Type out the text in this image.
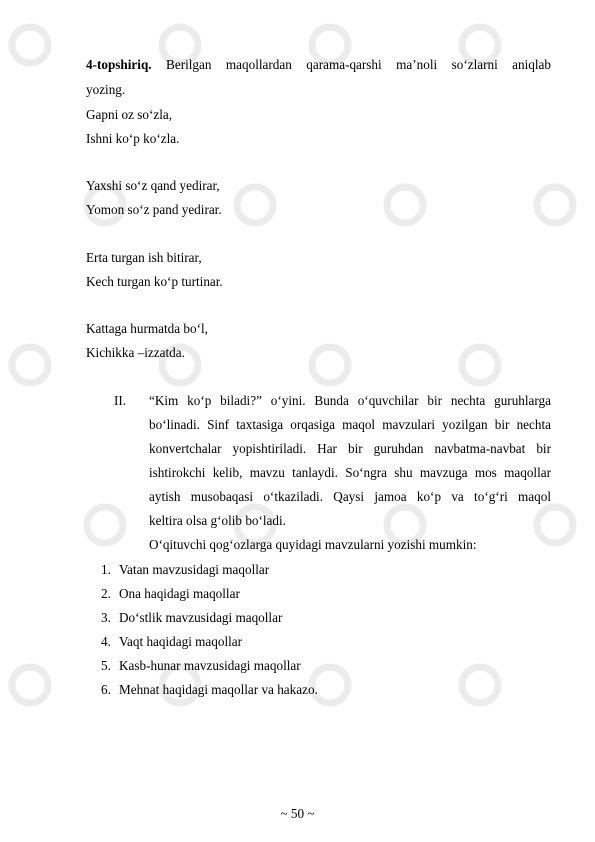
4-topshiriq. Berilgan maqollardan qarama-qarshi ma’noli so‘zlarni aniqlab
yozing.
Gapni oz so‘zla,
Ishni ko‘p ko‘zla.
Yaxshi so‘z qand yedirar,
Yomon so‘z pand yedirar.
Erta turgan ish bitirar,
Kech turgan ko‘p turtinar.
Kattaga hurmatda bo‘l,
Kichikka –izzatda.
II. “Kim ko‘p biladi?” o‘yini. Bunda o‘quvchilar bir nechta guruhlarga
bo‘linadi. Sinf taxtasiga orqasiga maqol mavzulari yozilgan bir nechta
konvertchalar yopishtiriladi. Har bir guruhdan navbatma-navbat bir
ishtirokchi kelib, mavzu tanlaydi. So‘ngra shu mavzuga mos maqollar
aytish musobaqasi o‘tkaziladi. Qaysi jamoa ko‘p va to‘g‘ri maqol
keltira olsa g‘olib bo‘ladi.
O‘qituvchi qog‘ozlarga quyidagi mavzularni yozishi mumkin:
1. Vatan mavzusidagi maqollar
2. Ona haqidagi maqollar
3. Do‘stlik mavzusidagi maqollar
4. Vaqt haqidagi maqollar
5. Kasb-hunar mavzusidagi maqollar
6. Mehnat haqidagi maqollar va hakazo.
~ 50 ~
